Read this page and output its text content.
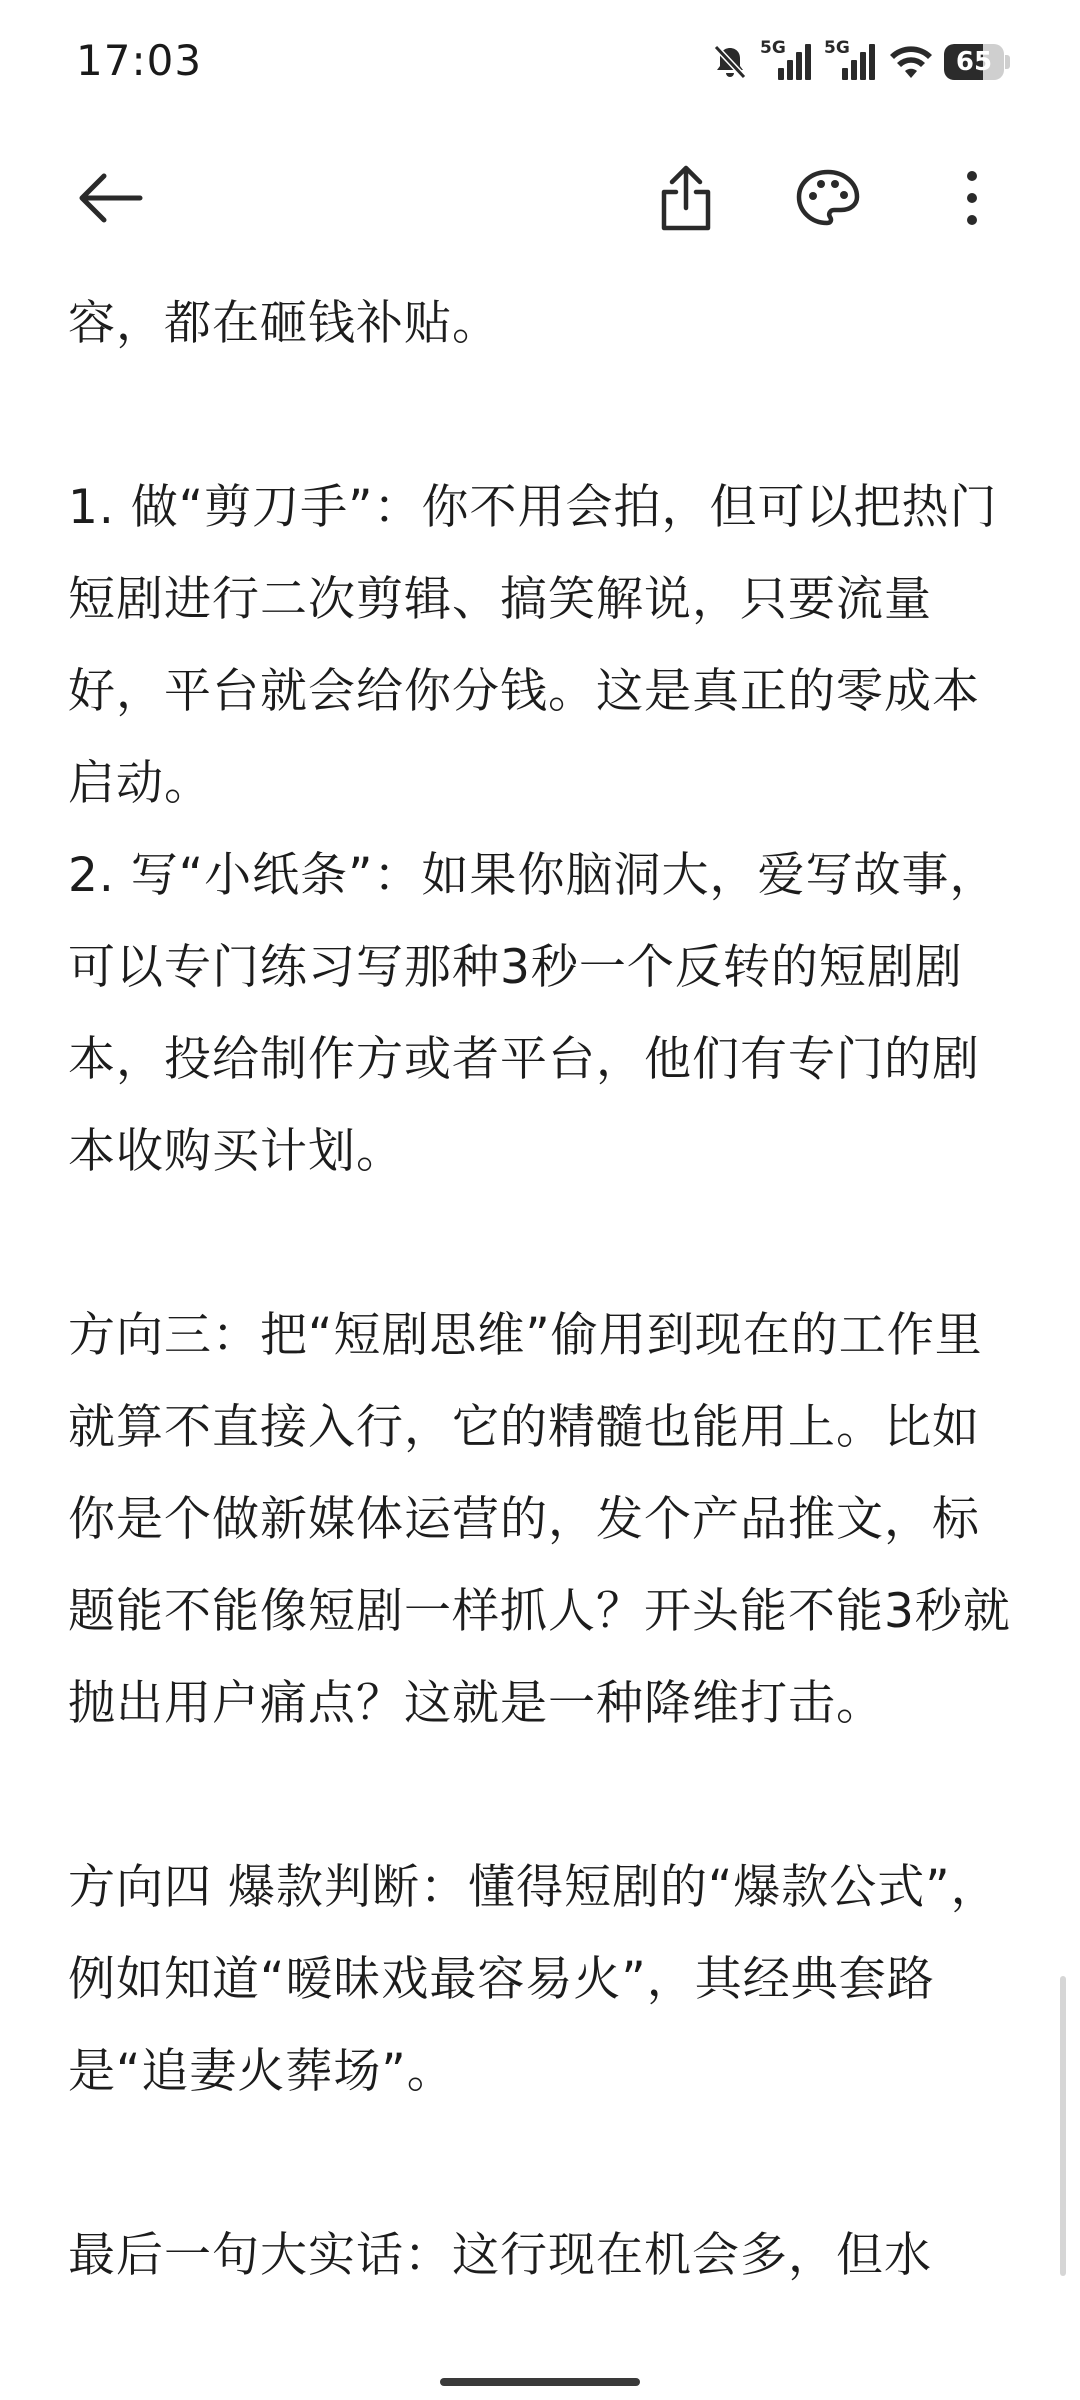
17:03	5G 5G	65

容，都在砸钱补贴。

1. 做“剪刀手”：你不用会拍，但可以把热门短剧进行二次剪辑、搞笑解说，只要流量好，平台就会给你分钱。这是真正的零成本启动。

2. 写“小纸条”：如果你脑洞大，爱写故事，可以专门练习写那种3秒一个反转的短剧剧本，投给制作方或者平台，他们有专门的剧本收购买计划。

方向三：把“短剧思维”偷用到现在的工作里就算不直接入行，它的精髓也能用上。比如你是个做新媒体运营的，发个产品推文，标题能不能像短剧一样抓人？开头能不能3秒就抛出用户痛点？这就是一种降维打击。

方向四 爆款判断：懂得短剧的“爆款公式”，例如知道“暧昧戏最容易火”，其经典套路是“追妻火葬场”。

最后一句大实话：这行现在机会多，但水
